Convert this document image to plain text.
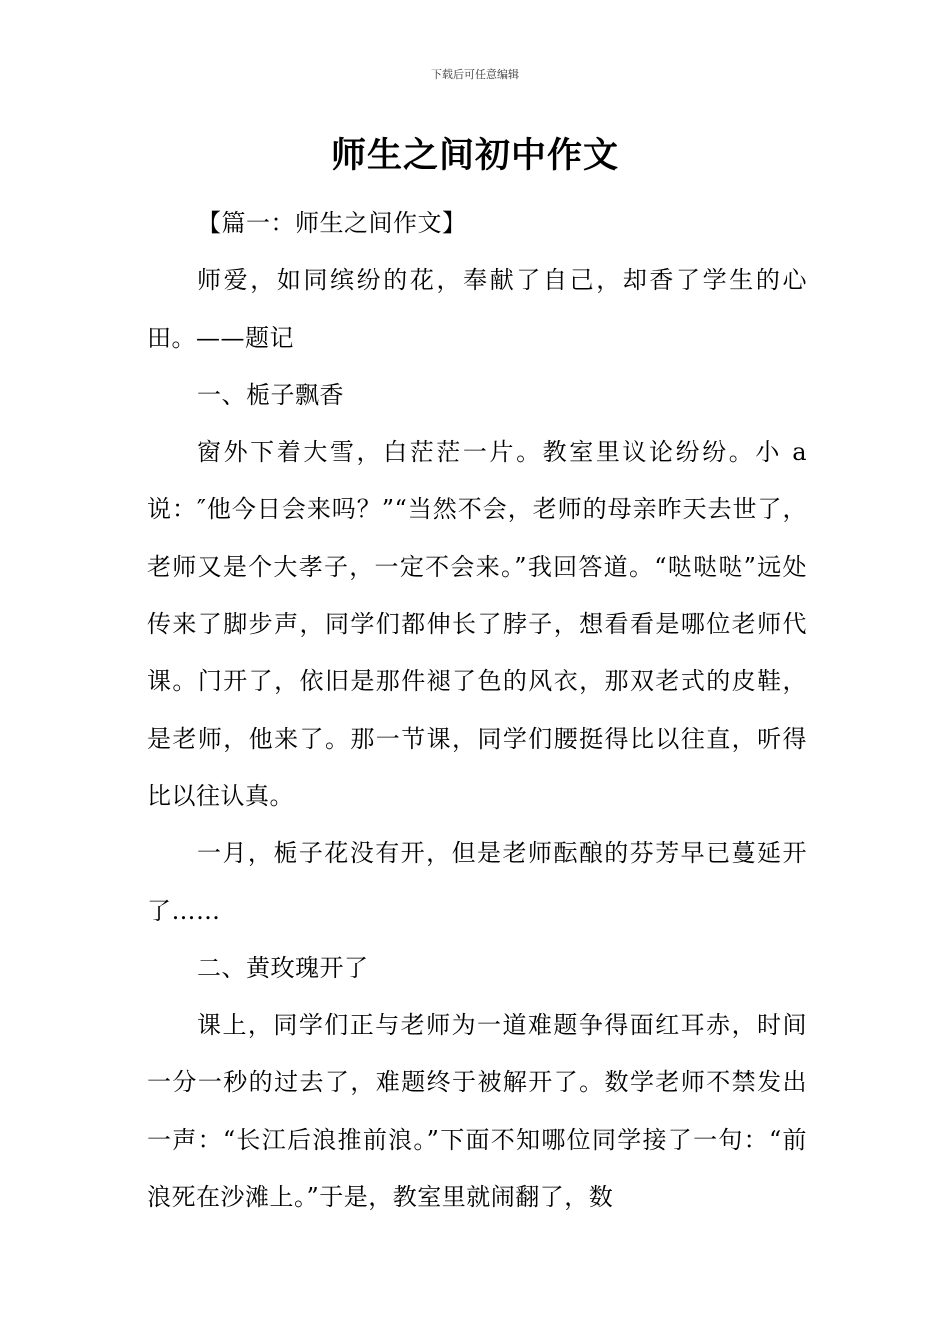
下载后可任意编辑
师生之间初中作文

【篇一：师生之间作文】

师爱，如同缤纷的花，奉献了自己，却香了学生的心田。——题记

一、栀子飘香

窗外下着大雪，白茫茫一片。教室里议论纷纷。小 a 说：″他今日会来吗？”“当然不会，老师的母亲昨天去世了，老师又是个大孝子，一定不会来。”我回答道。“哒哒哒”远处传来了脚步声，同学们都伸长了脖子，想看看是哪位老师代课。门开了，依旧是那件褪了色的风衣，那双老式的皮鞋，是老师，他来了。那一节课，同学们腰挺得比以往直，听得比以往认真。

一月，栀子花没有开，但是老师酝酿的芬芳早已蔓延开了……

二、黄玫瑰开了

课上，同学们正与老师为一道难题争得面红耳赤，时间一分一秒的过去了，难题终于被解开了。数学老师不禁发出一声：“长江后浪推前浪。”下面不知哪位同学接了一句：“前浪死在沙滩上。”于是，教室里就闹翻了，数
